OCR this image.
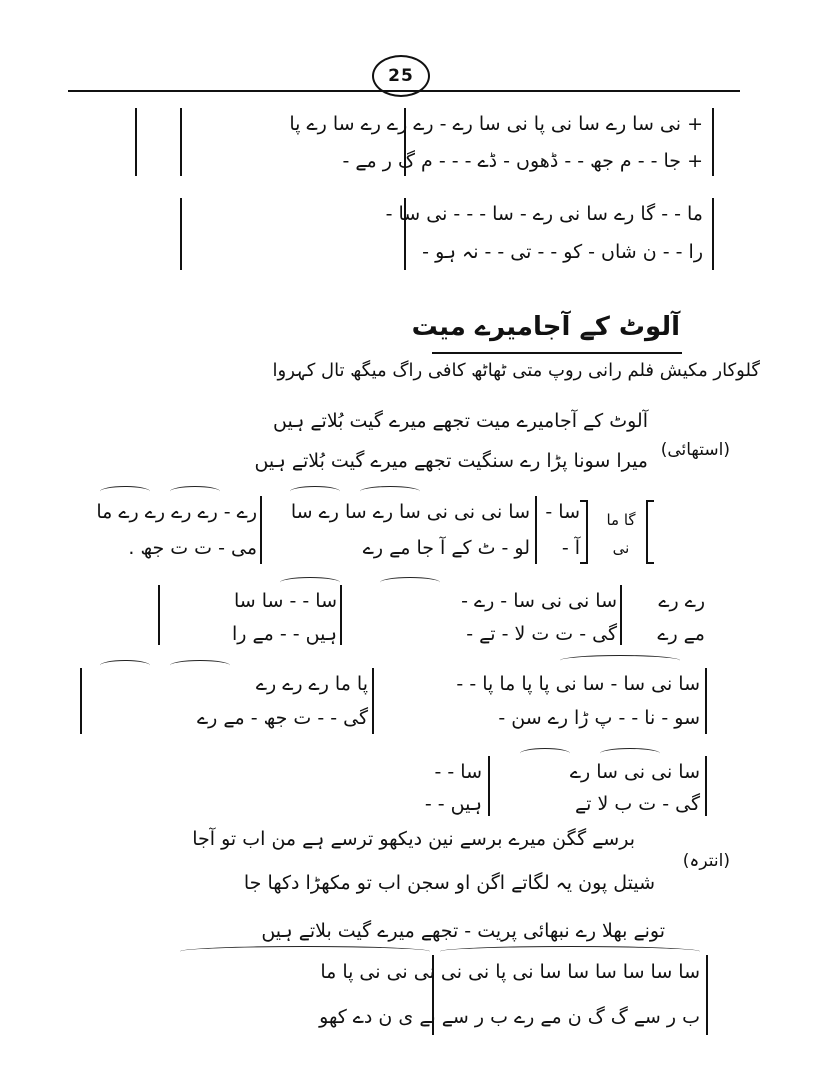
25
+ نی سا رے سا نی پا نی سا رے - رے رے رے سا رے پا
+ جا - - م جھ - - ڈھوں - ڈے - - - م گ ر مے -
ما - - گا رے سا نی رے - سا - - - نی سا -
را - - ن شاں - کو - - تی - - نہ ہو -
آلوٹ کے آجامیرے میت
گلوکار مکیش فلم رانی روپ متی ٹھاٹھ کافی راگ میگھ تال کہروا
(استھائی)
آلوٹ کے آجامیرے میت تجھے میرے گیت بُلاتے ہیں
میرا سونا پڑا رے سنگیت تجھے میرے گیت بُلاتے ہیں
رے - رے رے رے رے ما	سا نی نی نی سا رے سا رے سا سا -	گا ما
می - ت ت جھ .	لو - ٹ کے آ جا مے رے	آ -	نی
سا - - سا سا	سا نی نی سا - رے -	رے رے
ہیں - - مے را	گی - ت ت لا - تے -	مے رے
پا ما رے رے رے	سا نی سا - سا نی پا پا ما پا - -
گی - - ت جھ - مے رے	سو - نا - - پ ڑا رے سن -
سا - -	سا نی نی سا رے
ہیں - -	گی - ت ب لا تے
(انترہ)
برسے گگن میرے برسے نین دیکھو ترسے ہے من اب تو آجا
شیتل پون یہ لگاتے اگن او سجن اب تو مکھڑا دکھا جا
تونے بھلا رے نبھائی پریت - تجھے میرے گیت بلاتے ہیں
سا سا سا سا سا سا نی پا نی نی نی نی نی پا ما
ب ر سے گ گ ن مے رے ب ر سے نے ی ن دے کھو
